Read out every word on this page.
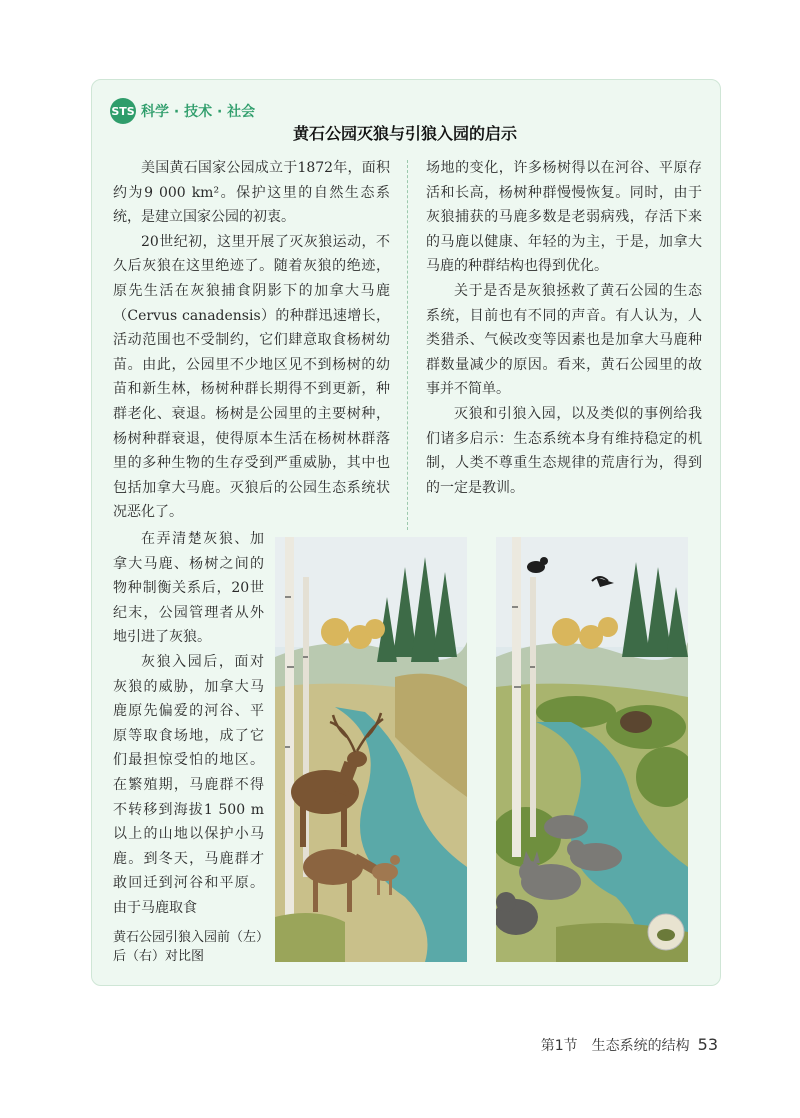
STS 科学 · 技术 · 社会
黄石公园灭狼与引狼入园的启示

美国黄石国家公园成立于1872年，面积约为9 000 km²。保护这里的自然生态系统，是建立国家公园的初衷。

20世纪初，这里开展了灭灰狼运动，不久后灰狼在这里绝迹了。随着灰狼的绝迹，原先生活在灰狼捕食阴影下的加拿大马鹿（Cervus canadensis）的种群迅速增长，活动范围也不受制约，它们肆意取食杨树幼苗。由此，公园里不少地区见不到杨树的幼苗和新生林，杨树种群长期得不到更新，种群老化、衰退。杨树是公园里的主要树种，杨树种群衰退，使得原本生活在杨树林群落里的多种生物的生存受到严重威胁，其中也包括加拿大马鹿。灭狼后的公园生态系统状况恶化了。

场地的变化，许多杨树得以在河谷、平原存活和长高，杨树种群慢慢恢复。同时，由于灰狼捕获的马鹿多数是老弱病残，存活下来的马鹿以健康、年轻的为主，于是，加拿大马鹿的种群结构也得到优化。

关于是否是灰狼拯救了黄石公园的生态系统，目前也有不同的声音。有人认为，人类猎杀、气候改变等因素也是加拿大马鹿种群数量减少的原因。看来，黄石公园里的故事并不简单。

灭狼和引狼入园，以及类似的事例给我们诸多启示：生态系统本身有维持稳定的机制，人类不尊重生态规律的荒唐行为，得到的一定是教训。

在弄清楚灰狼、加拿大马鹿、杨树之间的物种制衡关系后，20世纪末，公园管理者从外地引进了灰狼。

灰狼入园后，面对灰狼的威胁，加拿大马鹿原先偏爱的河谷、平原等取食场地，成了它们最担惊受怕的地区。在繁殖期，马鹿群不得不转移到海拔1 500 m以上的山地以保护小马鹿。到冬天，马鹿群才敢回迁到河谷和平原。由于马鹿取食

黄石公园引狼入园前（左）后（右）对比图
第1节　生态系统的结构 53
